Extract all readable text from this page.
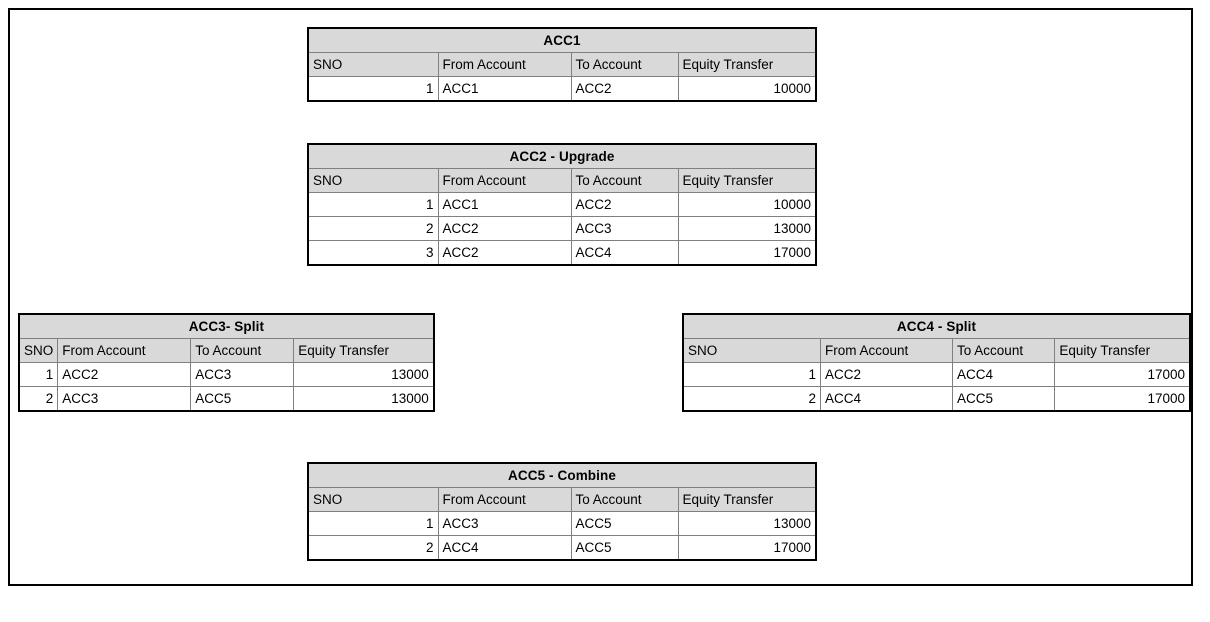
ACC1			
SNO	From Account	To Account	Equity Transfer
1	ACC1	ACC2	10000
ACC2 - Upgrade			
SNO	From Account	To Account	Equity Transfer
1	ACC1	ACC2	10000
2	ACC2	ACC3	13000
3	ACC2	ACC4	17000
ACC3- Split			
SNO	From Account	To Account	Equity Transfer
1	ACC2	ACC3	13000
2	ACC3	ACC5	13000
ACC4 - Split			
SNO	From Account	To Account	Equity Transfer
1	ACC2	ACC4	17000
2	ACC4	ACC5	17000
ACC5 - Combine			
SNO	From Account	To Account	Equity Transfer
1	ACC3	ACC5	13000
2	ACC4	ACC5	17000
